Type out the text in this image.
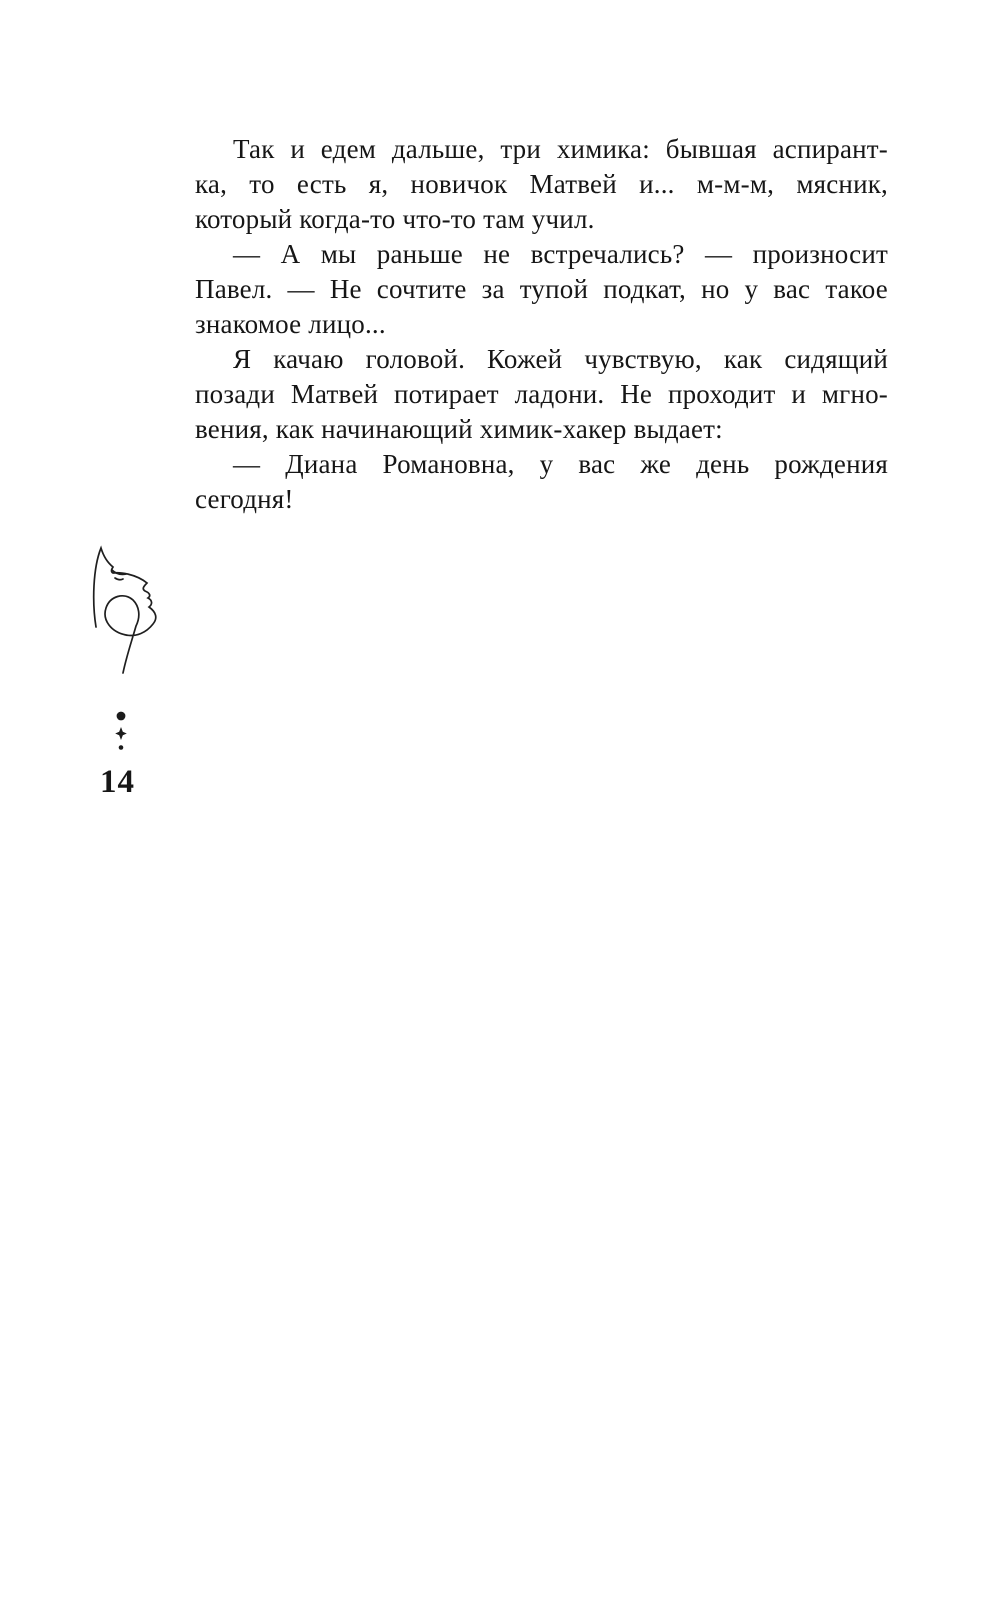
Так и едем дальше, три химика: бывшая аспирант-
ка, то есть я, новичок Матвей и... м-м-м, мясник,
который когда-то что-то там учил.

— А мы раньше не встречались? — произносит
Павел. — Не сочтите за тупой подкат, но у вас такое
знакомое лицо...

Я качаю головой. Кожей чувствую, как сидящий
позади Матвей потирает ладони. Не проходит и мгно-
вения, как начинающий химик-хакер выдает:

— Диана Романовна, у вас же день рождения
сегодня!

14
